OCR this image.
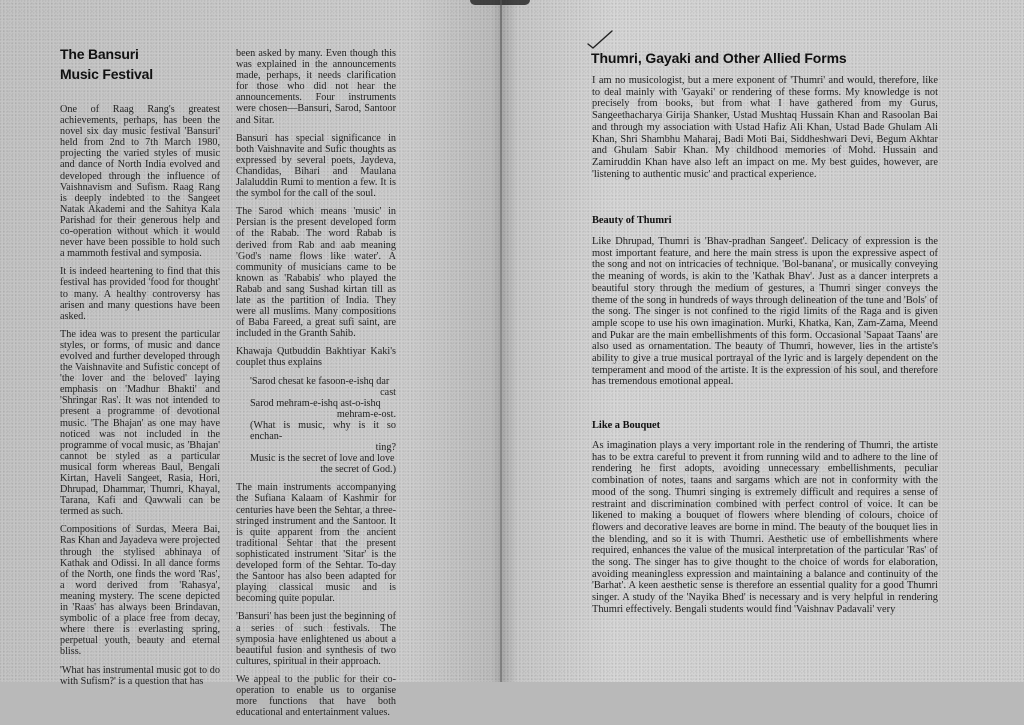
The Bansuri
Music Festival

One of Raag Rang's greatest achievements, perhaps, has been the novel six day music festival 'Bansuri' held from 2nd to 7th March 1980, projecting the varied styles of music and dance of North India evolved and developed through the influence of Vaishnavism and Sufism. Raag Rang is deeply indebted to the Sangeet Natak Akademi and the Sahitya Kala Parishad for their generous help and co-operation without which it would never have been possible to hold such a mammoth festival and symposia.

It is indeed heartening to find that this festival has provided 'food for thought' to many. A healthy controversy has arisen and many questions have been asked.

The idea was to present the particular styles, or forms, of music and dance evolved and further developed through the Vaishnavite and Sufistic concept of 'the lover and the beloved' laying emphasis on 'Madhur Bhakti' and 'Shringar Ras'. It was not intended to present a programme of devotional music. 'The Bhajan' as one may have noticed was not included in the programme of vocal music, as 'Bhajan' cannot be styled as a particular musical form whereas Baul, Bengali Kirtan, Haveli Sangeet, Rasia, Hori, Dhrupad, Dhammar, Thumri, Khayal, Tarana, Kafi and Qawwali can be termed as such.

Compositions of Surdas, Meera Bai, Ras Khan and Jayadeva were projected through the stylised abhinaya of Kathak and Odissi. In all dance forms of the North, one finds the word 'Ras', a word derived from 'Rahasya', meaning mystery. The scene depicted in 'Raas' has always been Brindavan, symbolic of a place free from decay, where there is everlasting spring, perpetual youth, beauty and eternal bliss.

'What has instrumental music got to do with Sufism?' is a question that has

been asked by many. Even though this was explained in the announcements made, perhaps, it needs clarification for those who did not hear the announcements. Four instruments were chosen—Bansuri, Sarod, Santoor and Sitar.

Bansuri has special significance in both Vaishnavite and Sufic thoughts as expressed by several poets, Jaydeva, Chandidas, Bihari and Maulana Jalaluddin Rumi to mention a few. It is the symbol for the call of the soul.

The Sarod which means 'music' in Persian is the present developed form of the Rabab. The word Rabab is derived from Rab and aab meaning 'God's name flows like water'. A community of musicians came to be known as 'Rababis' who played the Rabab and sang Sushad kirtan till as late as the partition of India. They were all muslims. Many compositions of Baba Fareed, a great sufi saint, are included in the Granth Sahib.

Khawaja Qutbuddin Bakhtiyar Kaki's couplet thus explains

'Sarod chesat ke fasoon-e-ishq dar
cast
Sarod mehram-e-ishq ast-o-ishq
mehram-e-ost.
(What is music, why is it so enchan-
ting?
Music is the secret of love and love
the secret of God.)

The main instruments accompanying the Sufiana Kalaam of Kashmir for centuries have been the Sehtar, a three-stringed instrument and the Santoor. It is quite apparent from the ancient traditional Sehtar that the present sophisticated instrument 'Sitar' is the developed form of the Sehtar. To-day the Santoor has also been adapted for playing classical music and is becoming quite popular.

'Bansuri' has been just the beginning of a series of such festivals. The symposia have enlightened us about a beautiful fusion and synthesis of two cultures, spiritual in their approach.

We appeal to the public for their co-operation to enable us to organise more functions that have both educational and entertainment values.

Thumri, Gayaki and Other Allied Forms
I am no musicologist, but a mere exponent of 'Thumri' and would, therefore, like to deal mainly with 'Gayaki' or rendering of these forms. My knowledge is not precisely from books, but from what I have gathered from my Gurus, Sangeethacharya Girija Shanker, Ustad Mushtaq Hussain Khan and Rasoolan Bai and through my association with Ustad Hafiz Ali Khan, Ustad Bade Ghulam Ali Khan, Shri Shambhu Maharaj, Badi Moti Bai, Siddheshwari Devi, Begum Akhtar and Ghulam Sabir Khan. My childhood memories of Mohd. Hussain and Zamiruddin Khan have also left an impact on me. My best guides, however, are 'listening to authentic music' and practical experience.
Beauty of Thumri
Like Dhrupad, Thumri is 'Bhav-pradhan Sangeet'. Delicacy of expression is the most important feature, and here the main stress is upon the expressive aspect of the song and not on intricacies of technique. 'Bol-banana', or musically conveying the meaning of words, is akin to the 'Kathak Bhav'. Just as a dancer interprets a beautiful story through the medium of gestures, a Thumri singer conveys the theme of the song in hundreds of ways through delineation of the tune and 'Bols' of the song. The singer is not confined to the rigid limits of the Raga and is given ample scope to use his own imagination. Murki, Khatka, Kan, Zam-Zama, Meend and Pukar are the main embellishments of this form. Occasional 'Sapaat Taans' are also used as ornamentation. The beauty of Thumri, however, lies in the artiste's ability to give a true musical portrayal of the lyric and is largely dependent on the temperament and mood of the artiste. It is the expression of his soul, and therefore has tremendous emotional appeal.
Like a Bouquet
As imagination plays a very important role in the rendering of Thumri, the artiste has to be extra careful to prevent it from running wild and to adhere to the line of rendering he first adopts, avoiding unnecessary embellishments, peculiar combination of notes, taans and sargams which are not in conformity with the mood of the song. Thumri singing is extremely difficult and requires a sense of restraint and discrimination combined with perfect control of voice. It can be likened to making a bouquet of flowers where blending of colours, choice of flowers and decorative leaves are borne in mind. The beauty of the bouquet lies in the blending, and so it is with Thumri. Aesthetic use of embellishments where required, enhances the value of the musical interpretation of the particular 'Ras' of the song. The singer has to give thought to the choice of words for elaboration, avoiding meaningless expression and maintaining a balance and continuity of the 'Barhat'. A keen aesthetic sense is therefore an essential quality for a good Thumri singer. A study of the 'Nayika Bhed' is necessary and is very helpful in rendering Thumri effectively. Bengali students would find 'Vaishnav Padavali' very
